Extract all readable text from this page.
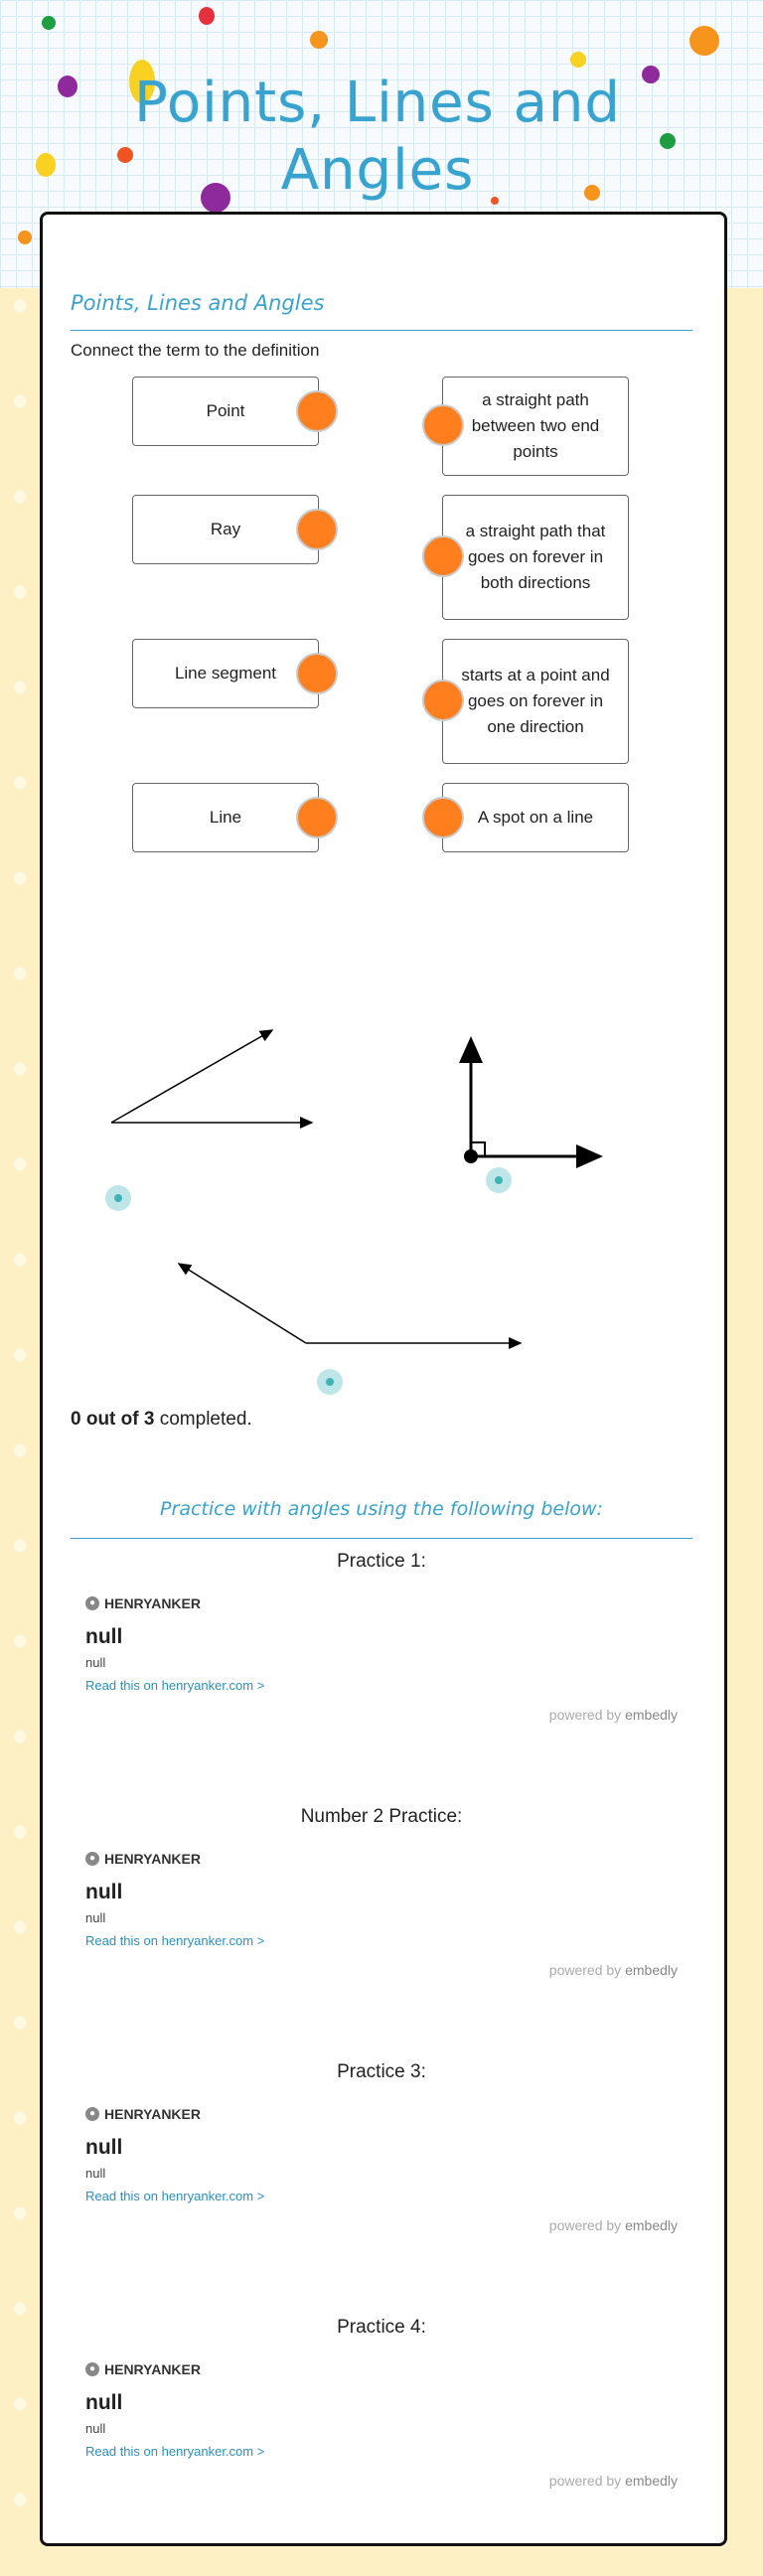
Points, Lines and Angles
Points, Lines and Angles
Connect the term to the definition
Point
Ray
Line segment
Line
a straight path between two end points
a straight path that goes on forever in both directions
starts at a point and goes on forever in one direction
A spot on a line
0 out of 3 completed.
Practice with angles using the following below:
Practice 1:
● HENRYANKER
null
null
Read this on henryanker.com >
powered by embedly
Number 2 Practice:
● HENRYANKER
null
null
Read this on henryanker.com >
powered by embedly
Practice 3:
● HENRYANKER
null
null
Read this on henryanker.com >
powered by embedly
Practice 4:
● HENRYANKER
null
null
Read this on henryanker.com >
powered by embedly
